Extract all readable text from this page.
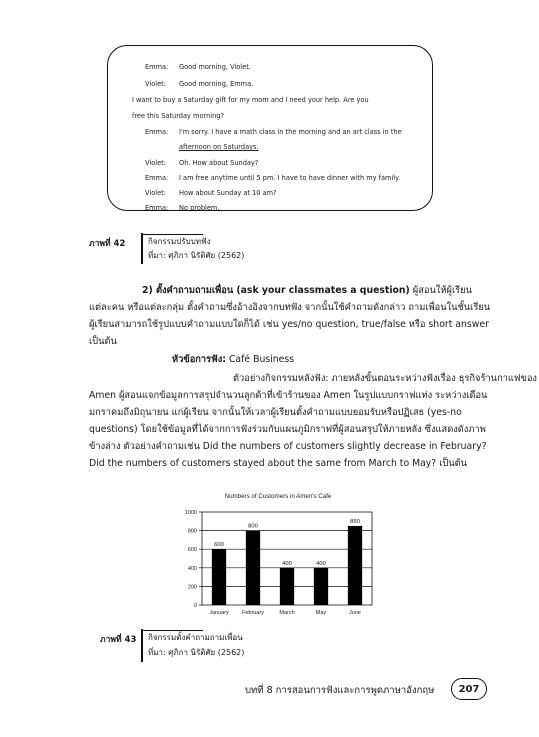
Emma:	Good morning, Violet.
Violet:	Good morning, Emma.
I want to buy a Saturday gift for my mom and I need your help. Are you
free this Saturday morning?
Emma:	I'm sorry. I have a math class in the morning and an art class in the
afternoon on Saturdays.
Violet:	Oh. How about Sunday?
Emma:	I am free anytime until 5 pm. I have to have dinner with my family.
Violet:	How about Sunday at 10 am?
Emma:	No problem.
ภาพที่ 42	กิจกรรมปรับบทฟัง
ที่มา: ศุภิกา นิรัติศัย (2562)
2) ตั้งคำถามถามเพื่อน (ask your classmates a question) ผู้สอนให้ผู้เรียน
แต่ละคน หรือแต่ละกลุ่ม ตั้งคำถามซึ่งอ้างอิงจากบทฟัง จากนั้นใช้คำถามดังกล่าว ถามเพื่อนในชั้นเรียน
ผู้เรียนสามารถใช้รูปแบบคำถามแบบใดก็ได้ เช่น yes/no question, true/false หรือ short answer
เป็นต้น
หัวข้อการฟัง: Café Business
ตัวอย่างกิจกรรมหลังฟัง: ภายหลังขั้นตอนระหว่างฟังเรื่อง ธุรกิจร้านกาแฟของ
Amen ผู้สอนแจกข้อมูลการสรุปจำนวนลูกค้าที่เข้าร้านของ Amen ในรูปแบบกราฟแท่ง ระหว่างเดือน
มกราคมถึงมิถุนายน แก่ผู้เรียน จากนั้นให้เวลาผู้เรียนตั้งคำถามแบบยอมรับหรือปฏิเสธ (yes-no
questions) โดยใช้ข้อมูลที่ได้จากการฟังร่วมกับแผนภูมิกราฟที่ผู้สอนสรุปให้ภายหลัง ซึ่งแสดงดังภาพ
ข้างล่าง ตัวอย่างคำถามเช่น Did the numbers of customers slightly decrease in February?
Did the numbers of customers stayed about the same from March to May? เป็นต้น
Numbers of Customers in Amen's Cafe
0
200
400
600
800
1000
600
January
800
February
400
March
400
May
850
June
ภาพที่ 43 กิจกรรมตั้งคำถามถามเพื่อน
ที่มา: ศุภิกา นิรัติศัย (2562)
บทที่ 8 การสอนการฟังและการพูดภาษาอังกฤษ 207
